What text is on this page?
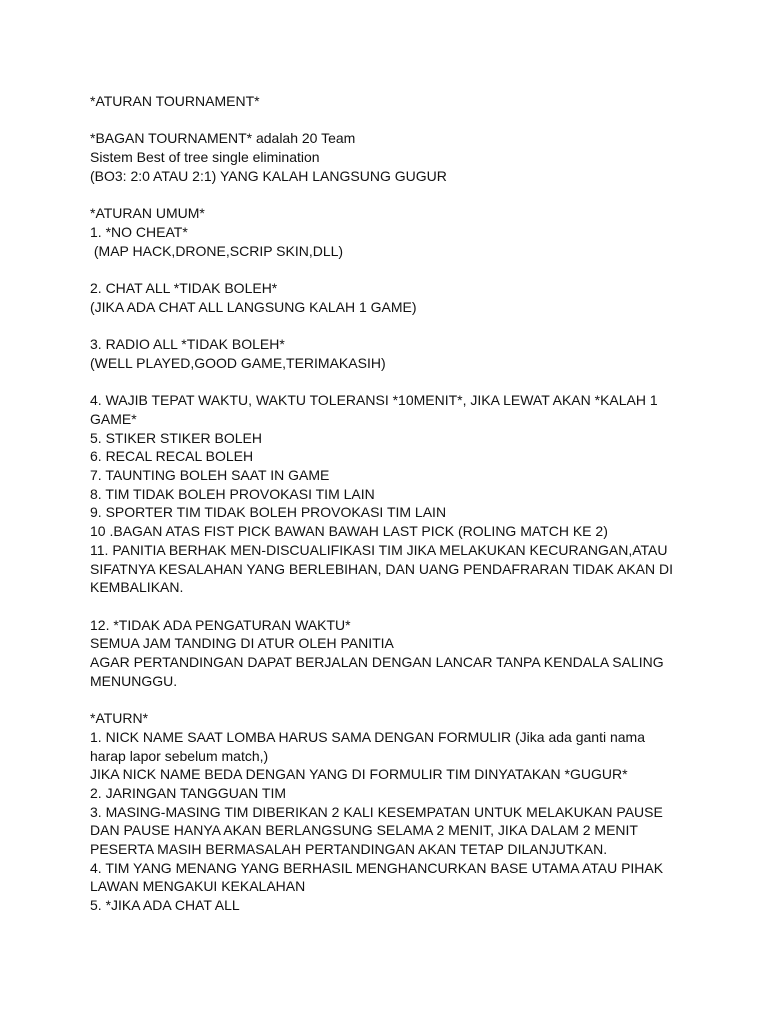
*ATURAN TOURNAMENT*
*BAGAN TOURNAMENT* adalah 20 Team
Sistem Best of tree single elimination
(BO3: 2:0 ATAU 2:1) YANG KALAH LANGSUNG GUGUR
*ATURAN UMUM*
1. *NO CHEAT*
(MAP HACK,DRONE,SCRIP SKIN,DLL)
2. CHAT ALL *TIDAK BOLEH*
(JIKA ADA CHAT ALL LANGSUNG KALAH 1 GAME)
3. RADIO ALL *TIDAK BOLEH*
(WELL PLAYED,GOOD GAME,TERIMAKASIH)
4. WAJIB TEPAT WAKTU, WAKTU TOLERANSI *10MENIT*, JIKA LEWAT AKAN *KALAH 1
GAME*
5. STIKER STIKER BOLEH
6. RECAL RECAL BOLEH
7. TAUNTING BOLEH SAAT IN GAME
8. TIM TIDAK BOLEH PROVOKASI TIM LAIN
9. SPORTER TIM TIDAK BOLEH PROVOKASI TIM LAIN
10 .BAGAN ATAS FIST PICK BAWAN BAWAH LAST PICK (ROLING MATCH KE 2)
11. PANITIA BERHAK MEN-DISCUALIFIKASI TIM JIKA MELAKUKAN KECURANGAN,ATAU
SIFATNYA KESALAHAN YANG BERLEBIHAN, DAN UANG PENDAFRARAN TIDAK AKAN DI
KEMBALIKAN.
12. *TIDAK ADA PENGATURAN WAKTU*
SEMUA JAM TANDING DI ATUR OLEH PANITIA
AGAR PERTANDINGAN DAPAT BERJALAN DENGAN LANCAR TANPA KENDALA SALING
MENUNGGU.
*ATURN*
1. NICK NAME SAAT LOMBA HARUS SAMA DENGAN FORMULIR (Jika ada ganti nama
harap lapor sebelum match,)
JIKA NICK NAME BEDA DENGAN YANG DI FORMULIR TIM DINYATAKAN *GUGUR*
2. JARINGAN TANGGUAN TIM
3. MASING-MASING TIM DIBERIKAN 2 KALI KESEMPATAN UNTUK MELAKUKAN PAUSE
DAN PAUSE HANYA AKAN BERLANGSUNG SELAMA 2 MENIT, JIKA DALAM 2 MENIT
PESERTA MASIH BERMASALAH PERTANDINGAN AKAN TETAP DILANJUTKAN.
4. TIM YANG MENANG YANG BERHASIL MENGHANCURKAN BASE UTAMA ATAU PIHAK
LAWAN MENGAKUI KEKALAHAN
5. *JIKA ADA CHAT ALL
